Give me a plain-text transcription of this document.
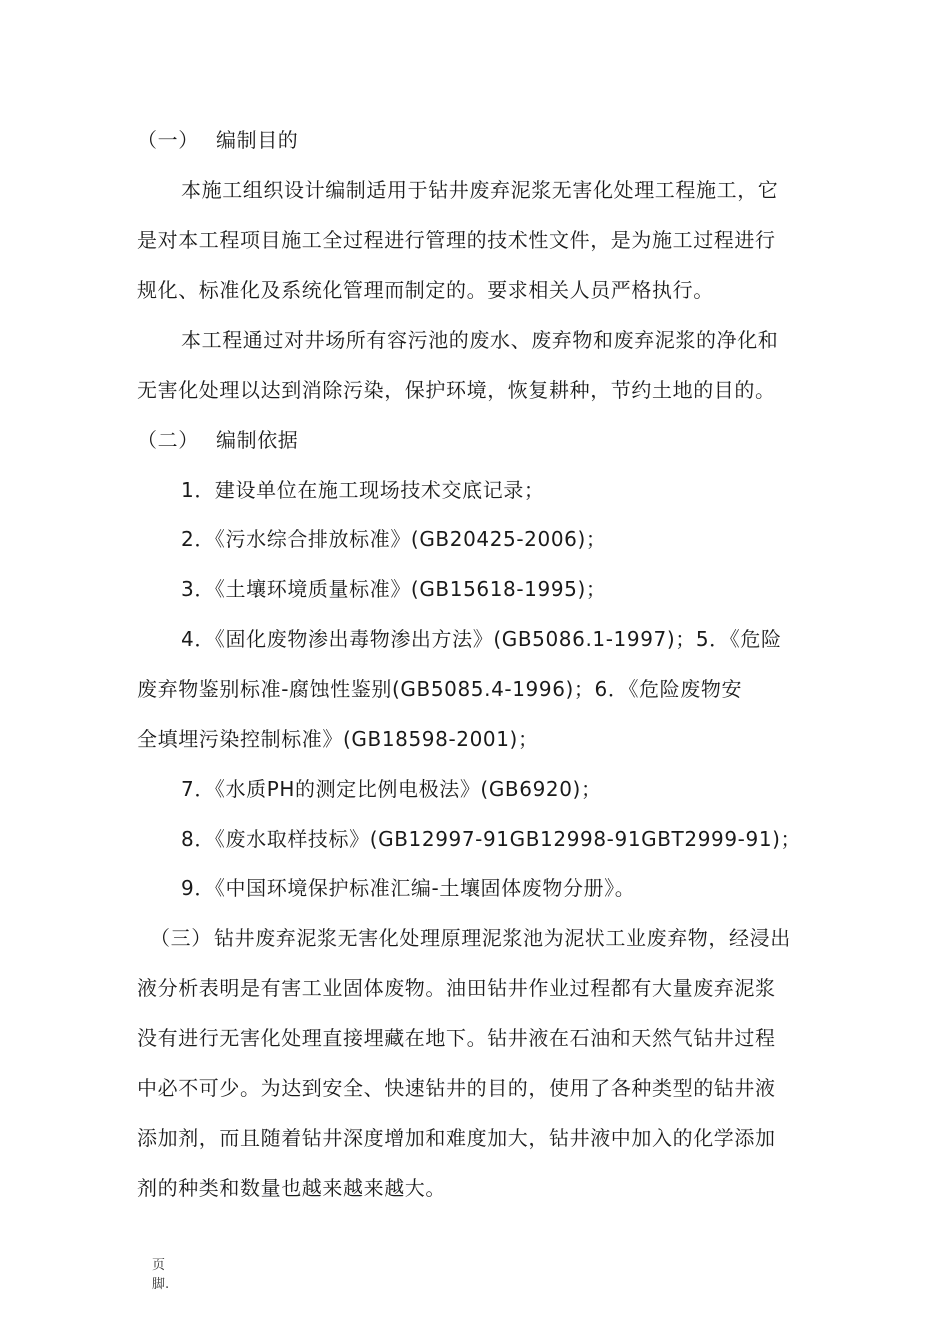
（一） 编制目的
本施工组织设计编制适用于钻井废弃泥浆无害化处理工程施工，它
是对本工程项目施工全过程进行管理的技术性文件，是为施工过程进行
规化、标准化及系统化管理而制定的。要求相关人员严格执行。
本工程通过对井场所有容污池的废水、废弃物和废弃泥浆的净化和
无害化处理以达到消除污染，保护环境，恢复耕种，节约土地的目的。
（二） 编制依据
1．建设单位在施工现场技术交底记录；
2．《污水综合排放标准》(GB20425-2006)；
3．《土壤环境质量标准》(GB15618-1995)；
4．《固化废物渗出毒物渗出方法》(GB5086.1-1997)；5．《危险
废弃物鉴别标准-腐蚀性鉴别(GB5085.4-1996)；6．《危险废物安
全填埋污染控制标准》(GB18598-2001)；
7．《水质PH的测定比例电极法》(GB6920)；
8．《废水取样技标》(GB12997-91GB12998-91GBT2999-91)；
9．《中国环境保护标准汇编-土壤固体废物分册》。
（三） 钻井废弃泥浆无害化处理原理泥浆池为泥状工业废弃物，经浸出
液分析表明是有害工业固体废物。油田钻井作业过程都有大量废弃泥浆
没有进行无害化处理直接埋藏在地下。钻井液在石油和天然气钻井过程
中必不可少。为达到安全、快速钻井的目的，使用了各种类型的钻井液
添加剂，而且随着钻井深度增加和难度加大，钻井液中加入的化学添加
剂的种类和数量也越来越来越大。
页
脚.
